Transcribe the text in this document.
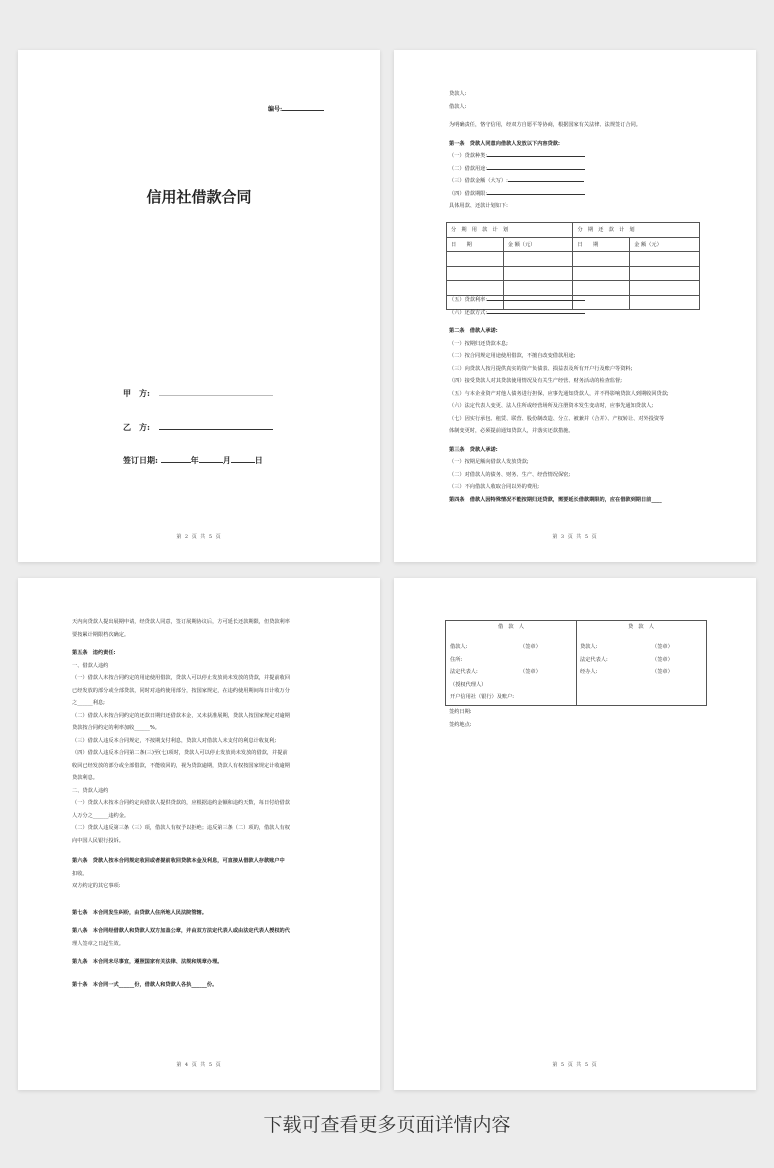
编号:
信用社借款合同
甲　方:
乙　方:
签订日期:	年	月	日
第 2 页 共 5 页
贷款人:
借款人:
为明确责任，恪守信用，经双方自愿平等协商，根据国家有关法律、法规签订合同。
第一条　贷款人同意向借款人发放以下内容贷款:
（一）贷款种类:
（二）借款用途:
（三）借款金额（大写）:
（四）借款期限:
具体用款、还款计划如下:
分　期　用　款　计　划		分　期　还　款　计　划	
日　　期	金 额（元）	日　　期	金 额（元）

（五）贷款利率:
（六）还款方式:
第二条　借款人承诺:
（一）按期归还贷款本息;
（二）按合同规定用途使用借款，不擅自改变借款用途;
（三）向贷款人按月提供真实的资产负债表、损益表及所有开户行及账户等资料;
（四）接受贷款人对其贷款使用情况及有关生产经营、财务活动的检查监督;
（五）与本企业资产对他人债务进行担保，应事先通知贷款人，并不得影响贷款人到期收回贷款;
（六）法定代表人变更、法人住所或经营场所及注册资本发生变动时，应事先通知贷款人;
（七）因实行承包、租赁、联营、股份制改造、分立、被兼并（合并）、产权转让、对外投资等
体制变更时，必须提前通知贷款人，并落实还款措施。
第三条　贷款人承诺:
（一）按期足额向借款人发放贷款;
（二）对借款人的债务、财务、生产、经营情况保密;
（三）不向借款人收取合同以外的费用;
第四条　借款人因特殊情况不能按期归还贷款，需要延长借款期限的，应在借款到期日前____
第 3 页 共 5 页
天内向贷款人提出展期申请，经贷款人同意，签订展期协议后，方可延长还款期限，但贷款利率
要按累计期限档次确定。
第五条　违约责任:
一、借款人违约
（一）借款人未按合同约定的用途使用借款，贷款人可以停止发放尚未发放的贷款，并提前收回
已经发放的部分或全部贷款，同时对违约使用部分，按国家规定，在违约使用期间每日计收万分
之______利息;
（二）借款人未按合同约定的还款日期归还借款本金，又未获准展期，贷款人按国家规定对逾期
贷款按合同约定的利率加收______%。
（三）借款人违反本合同规定，不按期支付利息，贷款人对借款人未支付的利息计收复利;
（四）借款人违反本合同第二条(三)至(七)项时，贷款人可以停止发放尚未发放的借款，并提前
收回已经发放的部分或全部借款，不能收回的，视为贷款逾期，贷款人有权按国家规定计收逾期
贷款利息。
二、贷款人违约
（一）贷款人未按本合同约定向借款人提供贷款的，应根据违约金额和违约天数，每日付给借款
人万分之______违约金。
（二）贷款人违反第三条（三）项，借款人有权予以拒绝；违反第三条（二）项的，借款人有权
向中国人民银行投诉。
第六条　贷款人按本合同规定收回或者提前收回贷款本金及利息，可直接从借款人存款账户中
扣收。
双方约定的其它事项:
第七条　本合同发生纠纷，由贷款人住所地人民法院管辖。
第八条　本合同经借款人和贷款人双方加盖公章，并由双方法定代表人或由法定代表人授权的代
理人签章之日起生效。
第九条　本合同未尽事宜，遵照国家有关法律、法规和规章办理。
第十条　本合同一式______份，借款人和贷款人各执______份。
第 4 页 共 5 页
借　款　人	贷　款　人
借款人:	（签章）
住所:
法定代表人:	（签章）
（授权代理人）
开户信用社（银行）及账户:
贷款人:	（签章）
法定代表人:	（签章）
经办人:	（签章）
签约日期:
签约地点:
第 5 页 共 5 页
下载可查看更多页面详情内容
